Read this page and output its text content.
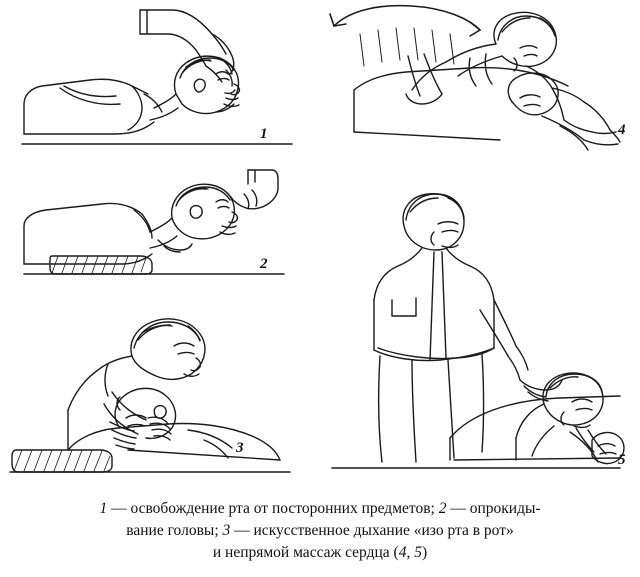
1
2
3
4
5
1 — освобождение рта от посторонних предметов; 2 — опрокиды-
вание головы; 3 — искусственное дыхание «изо рта в рот»
и непрямой массаж сердца (4, 5)
